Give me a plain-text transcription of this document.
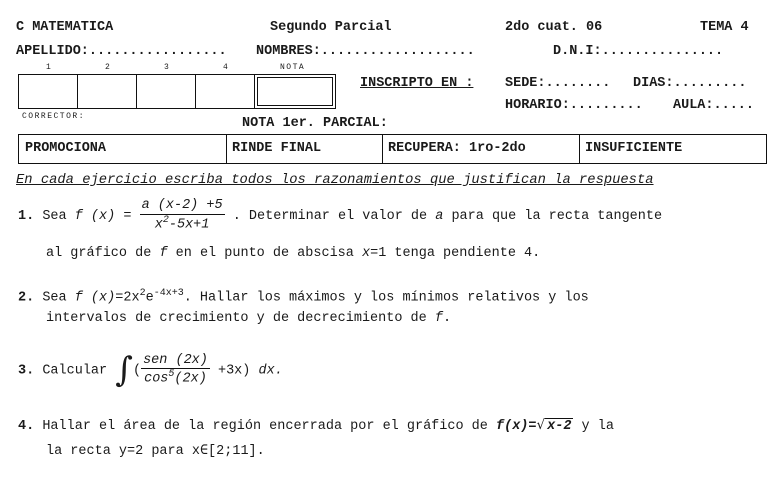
C MATEMATICA	Segundo Parcial	2do cuat. 06	TEMA 4
APELLIDO:................. NOMBRES:...................	D.N.I:...............
1	2	3	4	NOTA
CORRECTOR:	NOTA 1er. PARCIAL:
INSCRIPTO EN : SEDE:........ DIAS:.........
HORARIO:......... AULA:.....
PROMOCIONA	RINDE FINAL	RECUPERA: 1ro-2do	INSUFICIENTE
En cada ejercicio escriba todos los razonamientos que justifican la respuesta
1. Sea f $(x) = \frac{a (x-2) +5}{x^2-5x+1}$ . Determinar el valor de a para que la recta tangente
al gráfico de f en el punto de abscisa x=1 tenga pendiente 4.
2. Sea f $(x)=2x^2e^{-4x+3}$. Hallar los máximos y los mínimos relativos y los
intervalos de crecimiento y de decrecimiento de f.
3. Calcular ∫( $\frac{\text{sen (2x)}}{\cos^5(2x)} +3x$) dx.
4. Hallar el área de la región encerrada por el gráfico de f(x)=√ x-2 y la
la recta y=2 para x∈[2;11].
